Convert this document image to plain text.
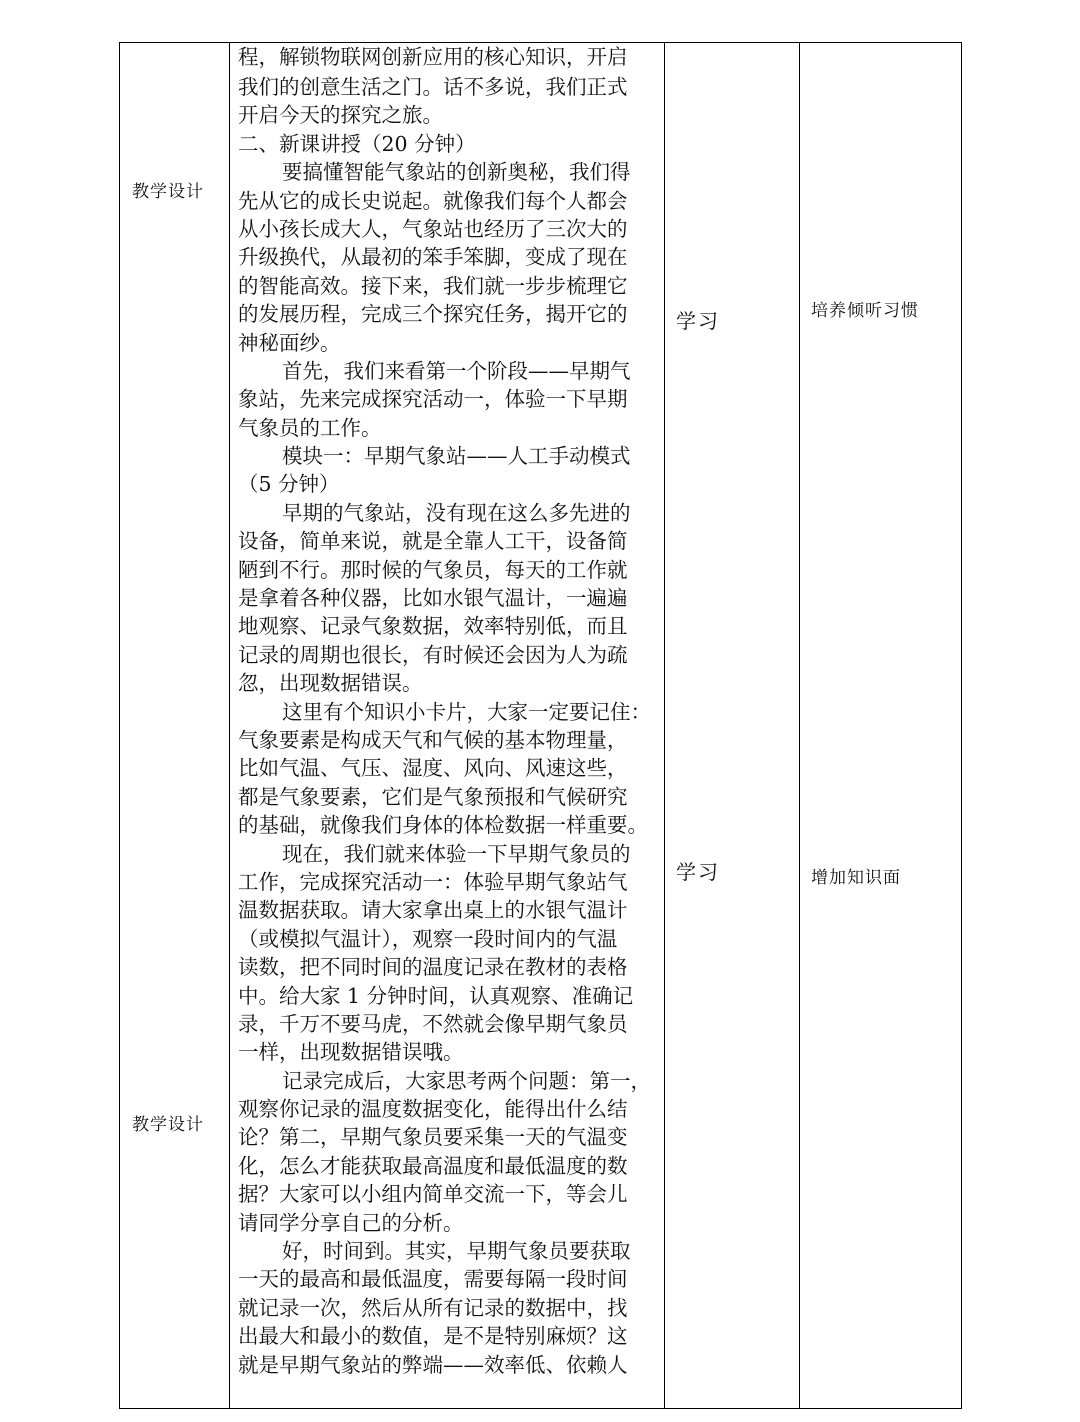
教学设计
教学设计
学习
学习
培养倾听习惯
增加知识面
程，解锁物联网创新应用的核心知识，开启
我们的创意生活之门。话不多说，我们正式
开启今天的探究之旅。
二、新课讲授（20 分钟）
要搞懂智能气象站的创新奥秘，我们得
先从它的成长史说起。就像我们每个人都会
从小孩长成大人，气象站也经历了三次大的
升级换代，从最初的笨手笨脚，变成了现在
的智能高效。接下来，我们就一步步梳理它
的发展历程，完成三个探究任务，揭开它的
神秘面纱。
首先，我们来看第一个阶段——早期气
象站，先来完成探究活动一，体验一下早期
气象员的工作。
模块一：早期气象站——人工手动模式
（5 分钟）
早期的气象站，没有现在这么多先进的
设备，简单来说，就是全靠人工干，设备简
陋到不行。那时候的气象员，每天的工作就
是拿着各种仪器，比如水银气温计，一遍遍
地观察、记录气象数据，效率特别低，而且
记录的周期也很长，有时候还会因为人为疏
忽，出现数据错误。
这里有个知识小卡片，大家一定要记住：
气象要素是构成天气和气候的基本物理量，
比如气温、气压、湿度、风向、风速这些，
都是气象要素，它们是气象预报和气候研究
的基础，就像我们身体的体检数据一样重要。
现在，我们就来体验一下早期气象员的
工作，完成探究活动一：体验早期气象站气
温数据获取。请大家拿出桌上的水银气温计
（或模拟气温计），观察一段时间内的气温
读数，把不同时间的温度记录在教材的表格
中。给大家 1 分钟时间，认真观察、准确记
录，千万不要马虎，不然就会像早期气象员
一样，出现数据错误哦。
记录完成后，大家思考两个问题：第一，
观察你记录的温度数据变化，能得出什么结
论？第二，早期气象员要采集一天的气温变
化，怎么才能获取最高温度和最低温度的数
据？大家可以小组内简单交流一下，等会儿
请同学分享自己的分析。
好，时间到。其实，早期气象员要获取
一天的最高和最低温度，需要每隔一段时间
就记录一次，然后从所有记录的数据中，找
出最大和最小的数值，是不是特别麻烦？这
就是早期气象站的弊端——效率低、依赖人
